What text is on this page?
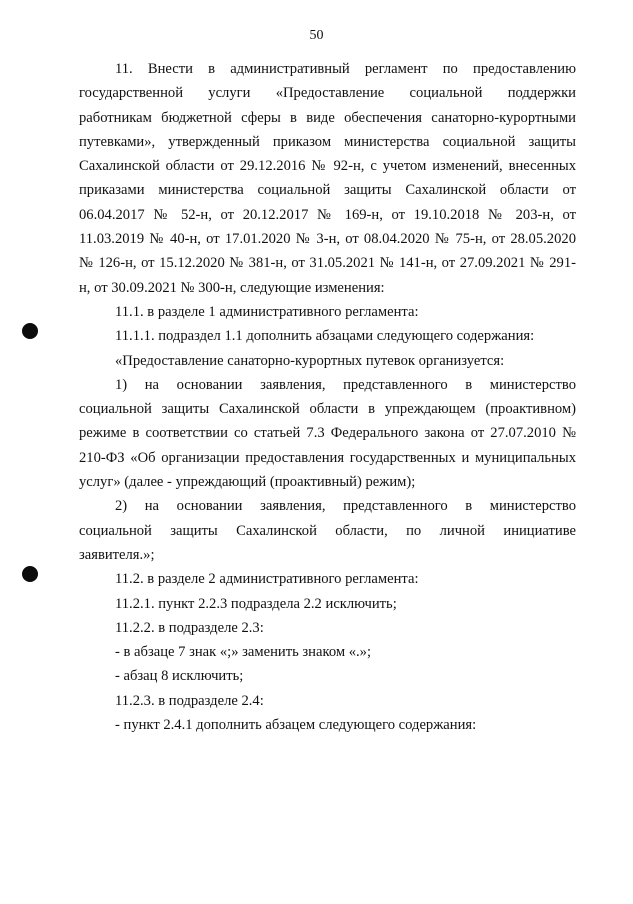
50

11. Внести в административный регламент по предоставлению

государственной услуги «Предоставление социальной поддержки

работникам бюджетной сферы в виде обеспечения санаторно-курортными

путевками», утвержденный приказом министерства социальной защиты

Сахалинской области от 29.12.2016 № 92-н, с учетом изменений, внесенных

приказами министерства социальной защиты Сахалинской области от

06.04.2017 № 52-н, от 20.12.2017 № 169-н, от 19.10.2018 № 203-н, от

11.03.2019 № 40-н, от 17.01.2020 № 3-н, от 08.04.2020 № 75-н, от 28.05.2020

№ 126-н, от 15.12.2020 № 381-н, от 31.05.2021 № 141-н, от 27.09.2021 № 291-

н, от 30.09.2021 № 300-н, следующие изменения:

11.1. в разделе 1 административного регламента:

11.1.1. подраздел 1.1 дополнить абзацами следующего содержания:

«Предоставление санаторно-курортных путевок организуется:

1) на основании заявления, представленного в министерство

социальной защиты Сахалинской области в упреждающем (проактивном)

режиме в соответствии со статьей 7.3 Федерального закона от 27.07.2010 №

210-ФЗ «Об организации предоставления государственных и муниципальных

услуг» (далее - упреждающий (проактивный) режим);

2) на основании заявления, представленного в министерство

социальной защиты Сахалинской области, по личной инициативе

заявителя.»;

11.2. в разделе 2 административного регламента:

11.2.1. пункт 2.2.3 подраздела 2.2 исключить;

11.2.2. в подразделе 2.3:

- в абзаце 7 знак «;» заменить знаком «.»;

- абзац 8 исключить;

11.2.3. в подразделе 2.4:

- пункт 2.4.1 дополнить абзацем следующего содержания:
